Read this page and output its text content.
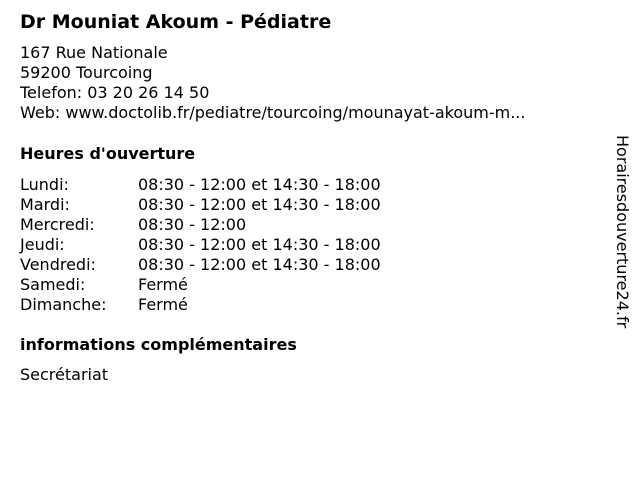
Dr Mouniat Akoum - Pédiatre
167 Rue Nationale
59200 Tourcoing
Telefon: 03 20 26 14 50
Web: www.doctolib.fr/pediatre/tourcoing/mounayat-akoum-m...
Heures d'ouverture
Lundi:	08:30 - 12:00 et 14:30 - 18:00
Mardi:	08:30 - 12:00 et 14:30 - 18:00
Mercredi:	08:30 - 12:00
Jeudi:	08:30 - 12:00 et 14:30 - 18:00
Vendredi:	08:30 - 12:00 et 14:30 - 18:00
Samedi:	Fermé
Dimanche:	Fermé
informations complémentaires
Secrétariat
Horairesdouverture24.fr
